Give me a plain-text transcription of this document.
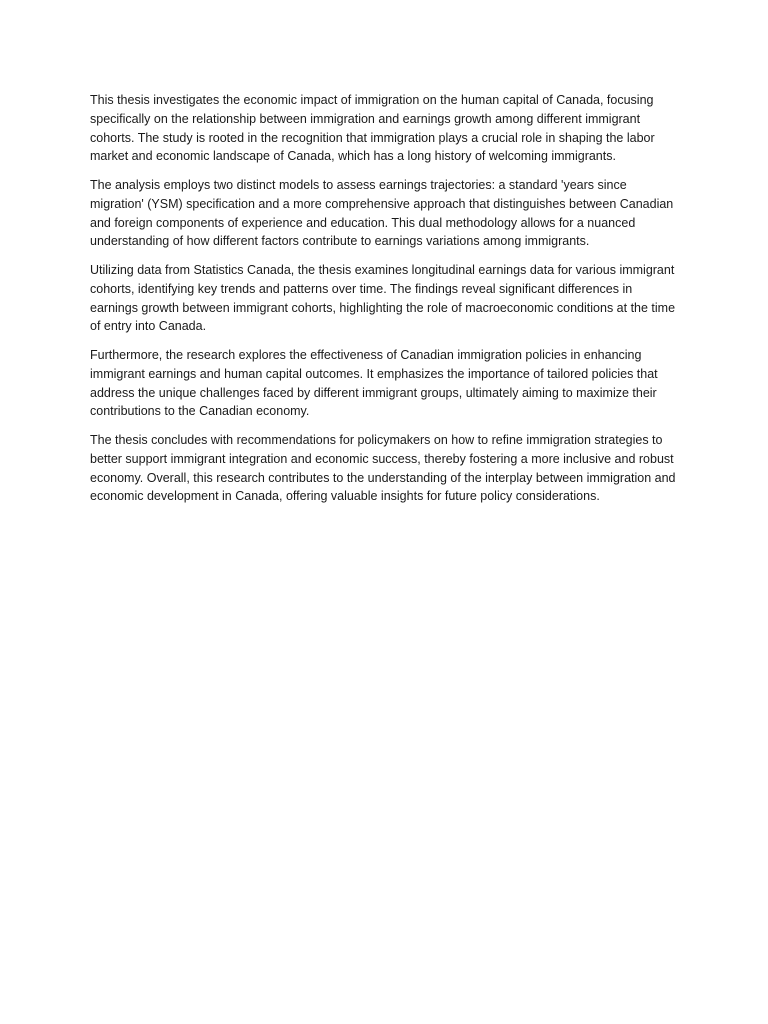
This thesis investigates the economic impact of immigration on the human capital of Canada, focusing specifically on the relationship between immigration and earnings growth among different immigrant cohorts. The study is rooted in the recognition that immigration plays a crucial role in shaping the labor market and economic landscape of Canada, which has a long history of welcoming immigrants.

The analysis employs two distinct models to assess earnings trajectories: a standard 'years since migration' (YSM) specification and a more comprehensive approach that distinguishes between Canadian and foreign components of experience and education. This dual methodology allows for a nuanced understanding of how different factors contribute to earnings variations among immigrants.

Utilizing data from Statistics Canada, the thesis examines longitudinal earnings data for various immigrant cohorts, identifying key trends and patterns over time. The findings reveal significant differences in earnings growth between immigrant cohorts, highlighting the role of macroeconomic conditions at the time of entry into Canada.

Furthermore, the research explores the effectiveness of Canadian immigration policies in enhancing immigrant earnings and human capital outcomes. It emphasizes the importance of tailored policies that address the unique challenges faced by different immigrant groups, ultimately aiming to maximize their contributions to the Canadian economy.

The thesis concludes with recommendations for policymakers on how to refine immigration strategies to better support immigrant integration and economic success, thereby fostering a more inclusive and robust economy. Overall, this research contributes to the understanding of the interplay between immigration and economic development in Canada, offering valuable insights for future policy considerations.
